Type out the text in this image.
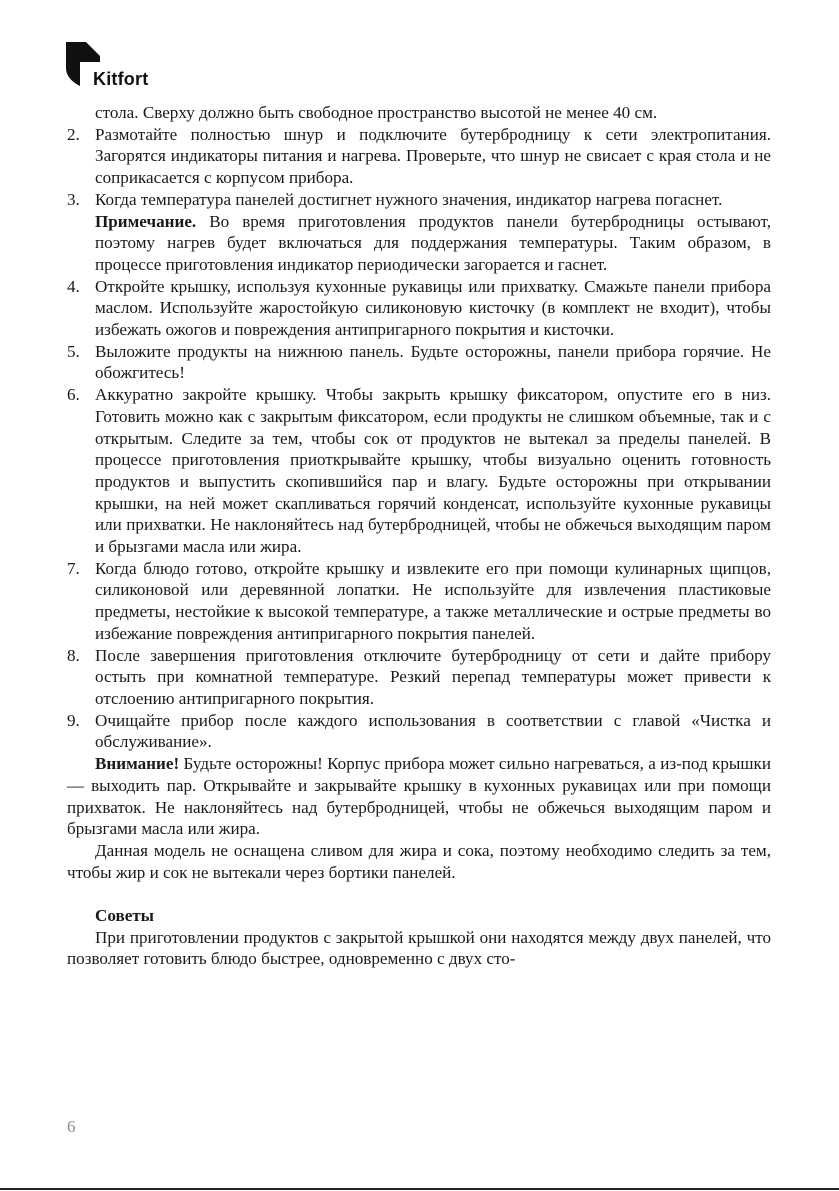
Kitfort

стола. Сверху должно быть свободное пространство высотой не менее 40 см.

2. Размотайте полностью шнур и подключите бутербродницу к сети электропитания. Загорятся индикаторы питания и нагрева. Проверьте, что шнур не свисает с края стола и не соприкасается с корпусом прибора.

3. Когда температура панелей достигнет нужного значения, индикатор нагрева погаснет.

Примечание. Во время приготовления продуктов панели бутербродницы остывают, поэтому нагрев будет включаться для поддержания температуры. Таким образом, в процессе приготовления индикатор периодически загорается и гаснет.

4. Откройте крышку, используя кухонные рукавицы или прихватку. Смажьте панели прибора маслом. Используйте жаростойкую силиконовую кисточку (в комплект не входит), чтобы избежать ожогов и повреждения антипригарного покрытия и кисточки.

5. Выложите продукты на нижнюю панель. Будьте осторожны, панели прибора горячие. Не обожгитесь!

6. Аккуратно закройте крышку. Чтобы закрыть крышку фиксатором, опустите его в низ. Готовить можно как с закрытым фиксатором, если продукты не слишком объемные, так и с открытым. Следите за тем, чтобы сок от продуктов не вытекал за пределы панелей. В процессе приготовления приоткрывайте крышку, чтобы визуально оценить готовность продуктов и выпустить скопившийся пар и влагу. Будьте осторожны при открывании крышки, на ней может скапливаться горячий конденсат, используйте кухонные рукавицы или прихватки. Не наклоняйтесь над бутербродницей, чтобы не обжечься выходящим паром и брызгами масла или жира.

7. Когда блюдо готово, откройте крышку и извлеките его при помощи кулинарных щипцов, силиконовой или деревянной лопатки. Не используйте для извлечения пластиковые предметы, нестойкие к высокой температуре, а также металлические и острые предметы во избежание повреждения антипригарного покрытия панелей.

8. После завершения приготовления отключите бутербродницу от сети и дайте прибору остыть при комнатной температуре. Резкий перепад температуры может привести к отслоению антипригарного покрытия.

9. Очищайте прибор после каждого использования в соответствии с главой «Чистка и обслуживание».

Внимание! Будьте осторожны! Корпус прибора может сильно нагреваться, а из-под крышки — выходить пар. Открывайте и закрывайте крышку в кухонных рукавицах или при помощи прихваток. Не наклоняйтесь над бутербродницей, чтобы не обжечься выходящим паром и брызгами масла или жира.

Данная модель не оснащена сливом для жира и сока, поэтому необходимо следить за тем, чтобы жир и сок не вытекали через бортики панелей.

Советы

При приготовлении продуктов с закрытой крышкой они находятся между двух панелей, что позволяет готовить блюдо быстрее, одновременно с двух сто-

6
